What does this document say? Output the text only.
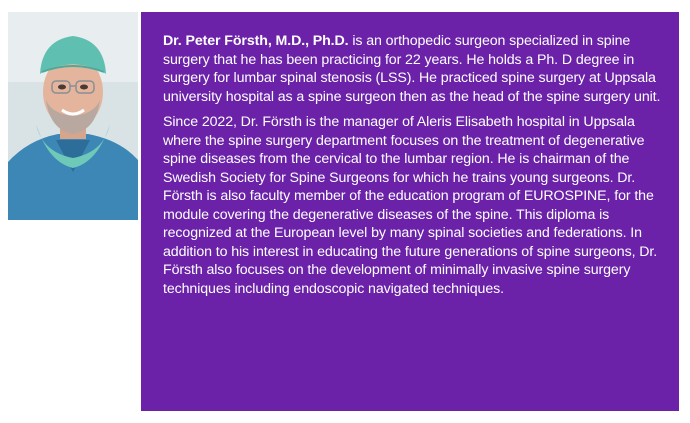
Dr. Peter Försth, M.D., Ph.D. is an orthopedic surgeon specialized in spine surgery that he has been practicing for 22 years. He holds a Ph. D degree in surgery for lumbar spinal stenosis (LSS). He practiced spine surgery at Uppsala university hospital as a spine surgeon then as the head of the spine surgery unit.

Since 2022, Dr. Försth is the manager of Aleris Elisabeth hospital in Uppsala where the spine surgery department focuses on the treatment of degenerative spine diseases from the cervical to the lumbar region. He is chairman of the Swedish Society for Spine Surgeons for which he trains young surgeons. Dr. Försth is also faculty member of the education program of EUROSPINE, for the module covering the degenerative diseases of the spine. This diploma is recognized at the European level by many spinal societies and federations. In addition to his interest in educating the future generations of spine surgeons, Dr. Försth also focuses on the development of minimally invasive spine surgery techniques including endoscopic navigated techniques.
